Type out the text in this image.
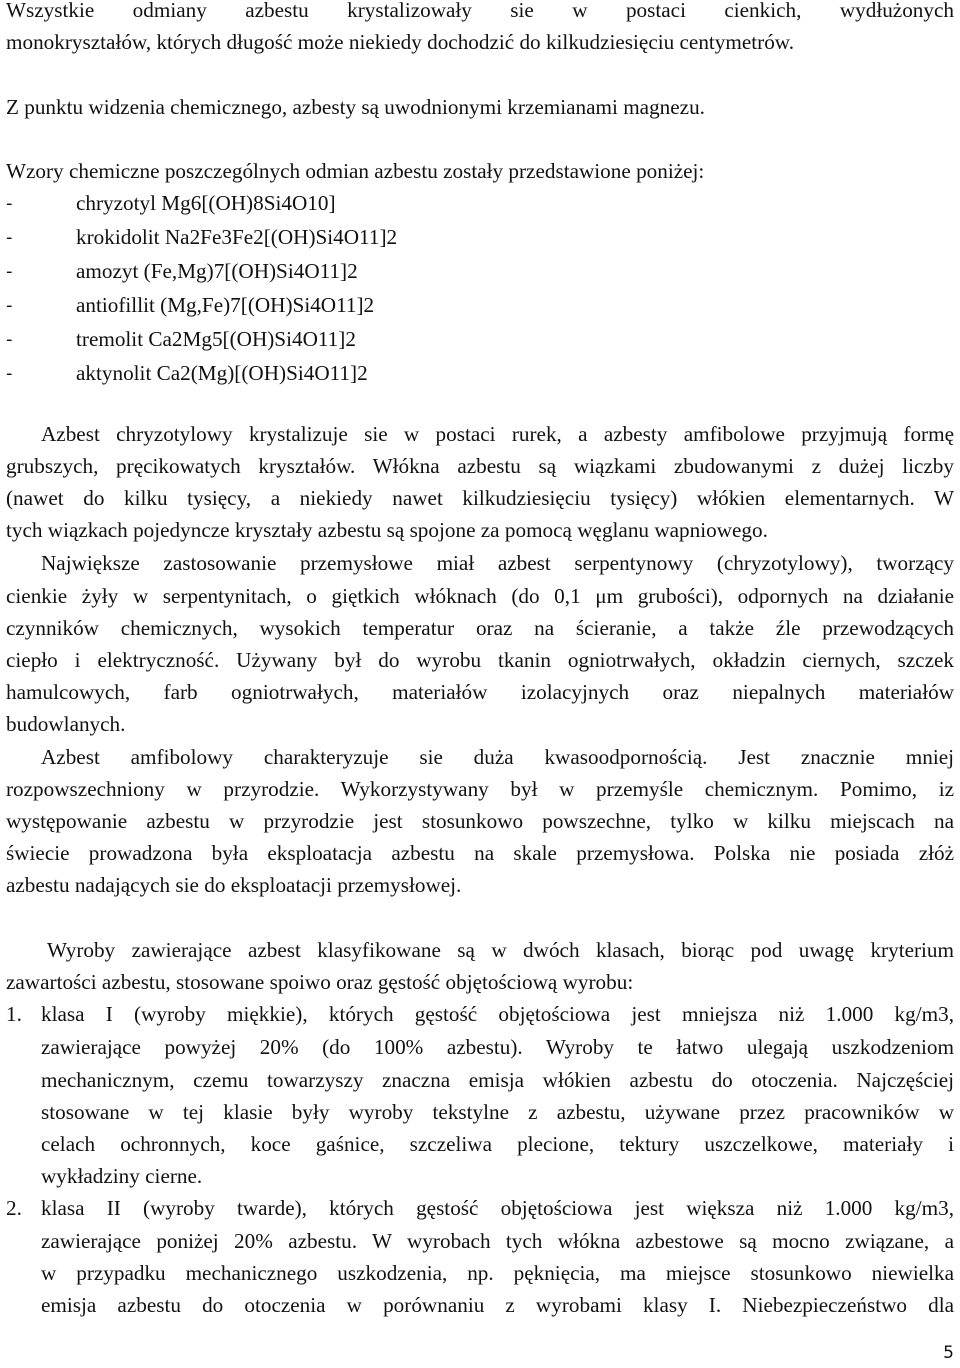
Wszystkie odmiany azbestu krystalizowały sie w postaci cienkich, wydłużonych
monokryształów, których długość może niekiedy dochodzić do kilkudziesięciu centymetrów.
Z punktu widzenia chemicznego, azbesty są uwodnionymi krzemianami magnezu.
Wzory chemiczne poszczególnych odmian azbestu zostały przedstawione poniżej:
-	chryzotyl Mg6[(OH)8Si4O10]
-	krokidolit Na2Fe3Fe2[(OH)Si4O11]2
-	amozyt (Fe,Mg)7[(OH)Si4O11]2
-	antiofillit (Mg,Fe)7[(OH)Si4O11]2
-	tremolit Ca2Mg5[(OH)Si4O11]2
-	aktynolit Ca2(Mg)[(OH)Si4O11]2
Azbest chryzotylowy krystalizuje sie w postaci rurek, a azbesty amfibolowe przyjmują formę
grubszych, pręcikowatych kryształów. Włókna azbestu są wiązkami zbudowanymi z dużej liczby
(nawet do kilku tysięcy, a niekiedy nawet kilkudziesięciu tysięcy) włókien elementarnych. W
tych wiązkach pojedyncze kryształy azbestu są spojone za pomocą węglanu wapniowego.
Największe zastosowanie przemysłowe miał azbest serpentynowy (chryzotylowy), tworzący
cienkie żyły w serpentynitach, o giętkich włóknach (do 0,1 μm grubości), odpornych na działanie
czynników chemicznych, wysokich temperatur oraz na ścieranie, a także źle przewodzących
ciepło i elektryczność. Używany był do wyrobu tkanin ogniotrwałych, okładzin ciernych, szczek
hamulcowych, farb ogniotrwałych, materiałów izolacyjnych oraz niepalnych materiałów
budowlanych.
Azbest amfibolowy charakteryzuje sie duża kwasoodpornością. Jest znacznie mniej
rozpowszechniony w przyrodzie. Wykorzystywany był w przemyśle chemicznym. Pomimo, iz
występowanie azbestu w przyrodzie jest stosunkowo powszechne, tylko w kilku miejscach na
świecie prowadzona była eksploatacja azbestu na skale przemysłowa. Polska nie posiada złóż
azbestu nadających sie do eksploatacji przemysłowej.
Wyroby zawierające azbest klasyfikowane są w dwóch klasach, biorąc pod uwagę kryterium
zawartości azbestu, stosowane spoiwo oraz gęstość objętościową wyrobu:
1. klasa I (wyroby miękkie), których gęstość objętościowa jest mniejsza niż 1.000 kg/m3,
zawierające powyżej 20% (do 100% azbestu). Wyroby te łatwo ulegają uszkodzeniom
mechanicznym, czemu towarzyszy znaczna emisja włókien azbestu do otoczenia. Najczęściej
stosowane w tej klasie były wyroby tekstylne z azbestu, używane przez pracowników w
celach ochronnych, koce gaśnice, szczeliwa plecione, tektury uszczelkowe, materiały i
wykładziny cierne.
2. klasa II (wyroby twarde), których gęstość objętościowa jest większa niż 1.000 kg/m3,
zawierające poniżej 20% azbestu. W wyrobach tych włókna azbestowe są mocno związane, a
w przypadku mechanicznego uszkodzenia, np. pęknięcia, ma miejsce stosunkowo niewielka
emisja azbestu do otoczenia w porównaniu z wyrobami klasy I. Niebezpieczeństwo dla
5
